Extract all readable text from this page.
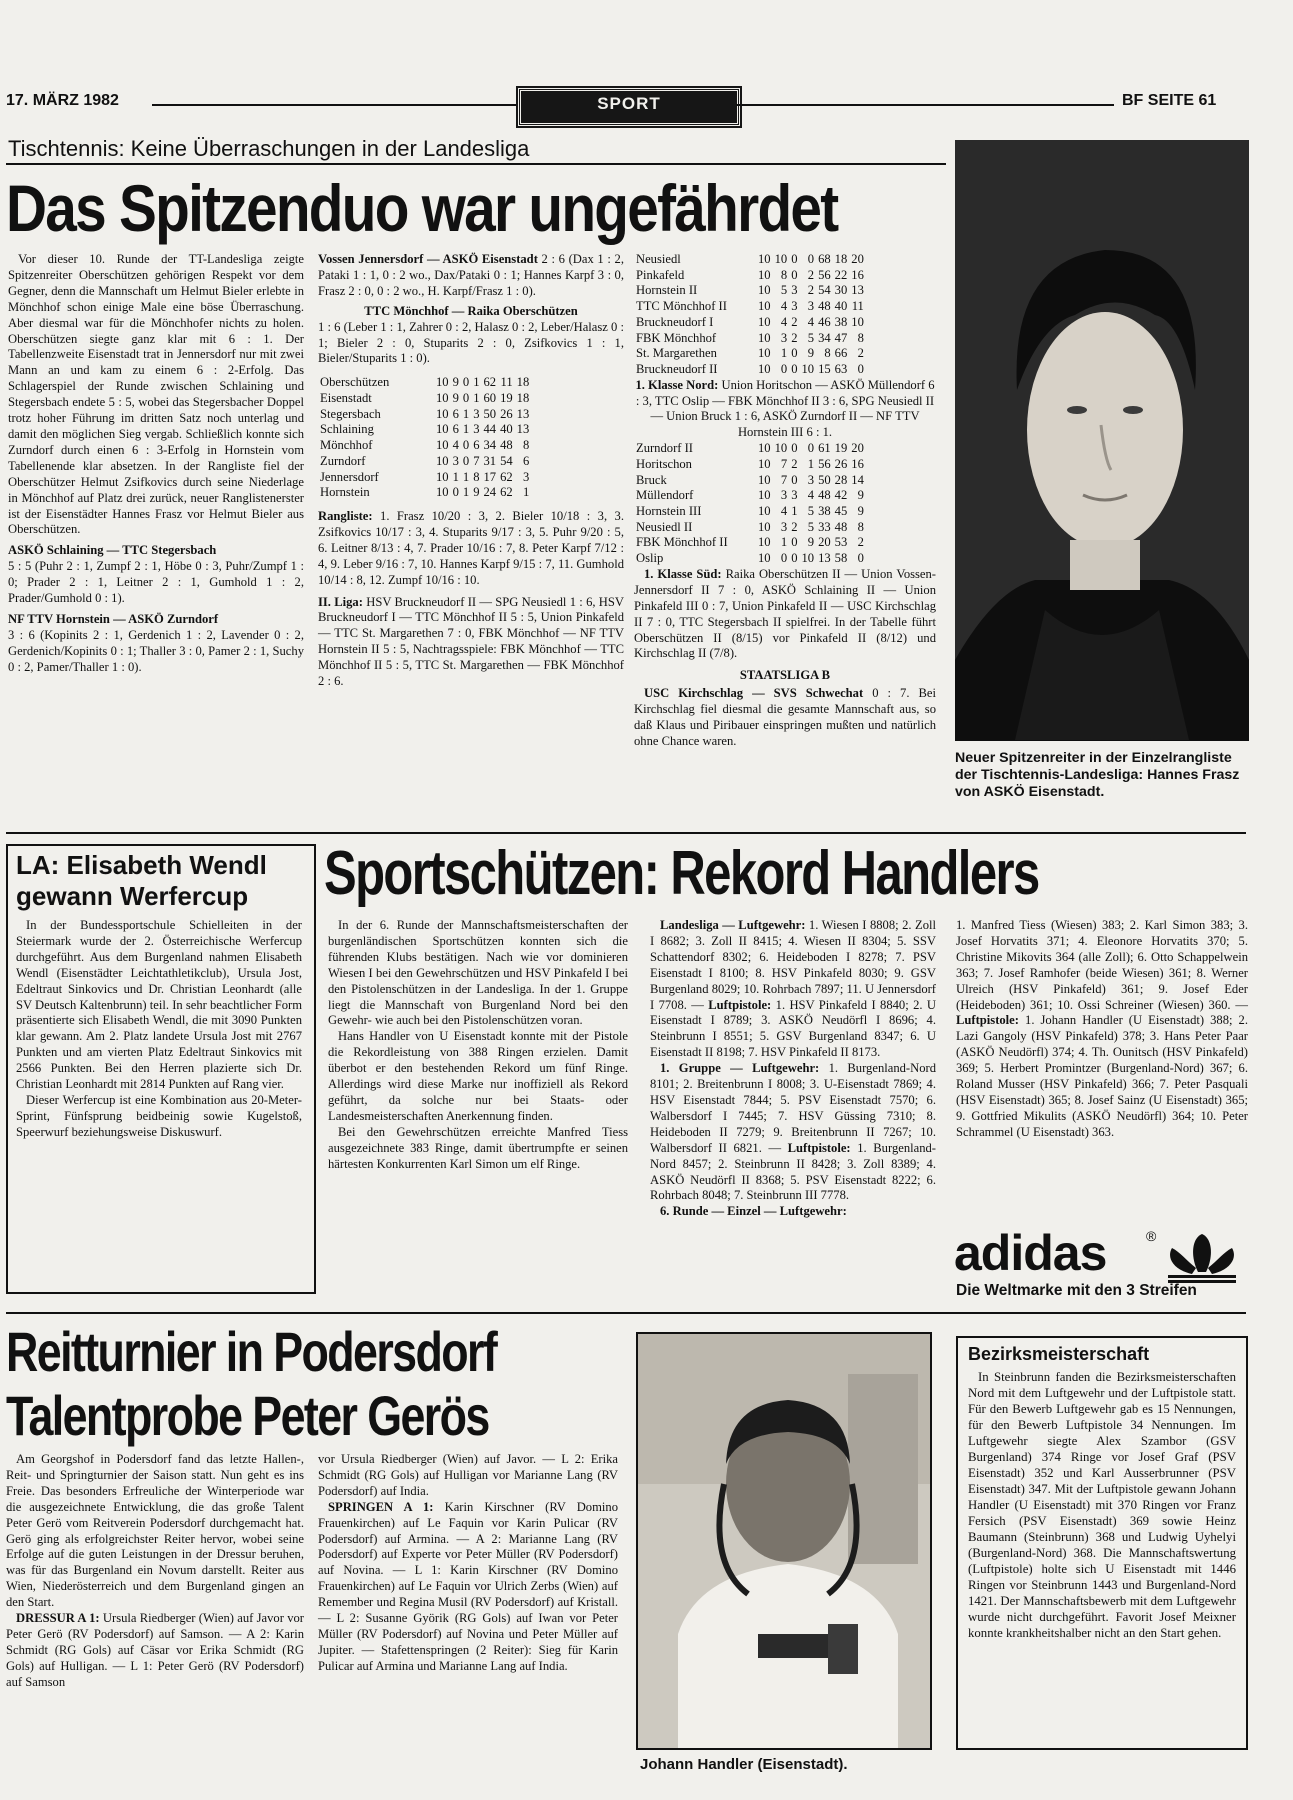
17. MÄRZ 1982	SPORT	BF SEITE 61
Tischtennis: Keine Überraschungen in der Landesliga
Das Spitzenduo war ungefährdet

Vor dieser 10. Runde der TT-Landesliga zeigte Spitzenreiter Oberschützen gehörigen Respekt vor dem Gegner, denn die Mannschaft um Helmut Bieler erlebte in Mönchhof schon einige Male eine böse Überraschung. Aber diesmal war für die Mönchhofer nichts zu holen. Oberschützen siegte ganz klar mit 6 : 1. Der Tabellenzweite Eisenstadt trat in Jennersdorf nur mit zwei Mann an und kam zu einem 6 : 2-Erfolg. Das Schlagerspiel der Runde zwischen Schlaining und Stegersbach endete 5 : 5, wobei das Stegersbacher Doppel trotz hoher Führung im dritten Satz noch unterlag und damit den möglichen Sieg vergab. Schließlich konnte sich Zurndorf durch einen 6 : 3-Erfolg in Hornstein vom Tabellenende klar absetzen. In der Rangliste fiel der Oberschützer Helmut Zsifkovics durch seine Niederlage in Mönchhof auf Platz drei zurück, neuer Ranglistenerster ist der Eisenstädter Hannes Frasz vor Helmut Bieler aus Oberschützen.

ASKÖ Schlaining — TTC Stegersbach

5 : 5 (Puhr 2 : 1, Zumpf 2 : 1, Höbe 0 : 3, Puhr/Zumpf 1 : 0; Prader 2 : 1, Leitner 2 : 1, Gumhold 1 : 2, Prader/Gumhold 0 : 1).

NF TTV Hornstein — ASKÖ Zurndorf

3 : 6 (Kopinits 2 : 1, Gerdenich 1 : 2, Lavender 0 : 2, Gerdenich/Kopinits 0 : 1; Thaller 3 : 0, Pamer 2 : 1, Suchy 0 : 2, Pamer/Thaller 1 : 0).

Vossen Jennersdorf — ASKÖ Eisenstadt 2 : 6 (Dax 1 : 2, Pataki 1 : 1, 0 : 2 wo., Dax/Pataki 0 : 1; Hannes Karpf 3 : 0, Frasz 2 : 0, 0 : 2 wo., H. Karpf/Frasz 1 : 0).

TTC Mönchhof — Raika Oberschützen

1 : 6 (Leber 1 : 1, Zahrer 0 : 2, Halasz 0 : 2, Leber/Halasz 0 : 1; Bieler 2 : 0, Stuparits 2 : 0, Zsifkovics 1 : 1, Bieler/Stuparits 1 : 0).

Oberschützen	10	9	0	1	62	11	18
Eisenstadt	10	9	0	1	60	19	18
Stegersbach	10	6	1	3	50	26	13
Schlaining	10	6	1	3	44	40	13
Mönchhof	10	4	0	6	34	48	8
Zurndorf	10	3	0	7	31	54	6
Jennersdorf	10	1	1	8	17	62	3
Hornstein	10	0	1	9	24	62	1

Rangliste: 1. Frasz 10/20 : 3, 2. Bieler 10/18 : 3, 3. Zsifkovics 10/17 : 3, 4. Stuparits 9/17 : 3, 5. Puhr 9/20 : 5, 6. Leitner 8/13 : 4, 7. Prader 10/16 : 7, 8. Peter Karpf 7/12 : 4, 9. Leber 9/16 : 7, 10. Hannes Karpf 9/15 : 7, 11. Gumhold 10/14 : 8, 12. Zumpf 10/16 : 10.

II. Liga: HSV Bruckneudorf II — SPG Neusiedl 1 : 6, HSV Bruckneudorf I — TTC Mönchhof II 5 : 5, Union Pinkafeld — TTC St. Margarethen 7 : 0, FBK Mönchhof — NF TTV Hornstein II 5 : 5, Nachtragsspiele: FBK Mönchhof — TTC Mönchhof II 5 : 5, TTC St. Margarethen — FBK Mönchhof 2 : 6.

Neusiedl	10	10	0	0	68	18	20
Pinkafeld	10	8	0	2	56	22	16
Hornstein II	10	5	3	2	54	30	13
TTC Mönchhof II	10	4	3	3	48	40	11
Bruckneudorf I	10	4	2	4	46	38	10
FBK Mönchhof	10	3	2	5	34	47	8
St. Margarethen	10	1	0	9	8	66	2
Bruckneudorf II	10	0	0	10	15	63	0

1. Klasse Nord: Union Horitschon — ASKÖ Müllendorf 6 : 3, TTC Oslip — FBK Mönchhof II 3 : 6, SPG Neusiedl II — Union Bruck 1 : 6, ASKÖ Zurndorf II — NF TTV Hornstein III 6 : 1.

Zurndorf II	10	10	0	0	61	19	20
Horitschon	10	7	2	1	56	26	16
Bruck	10	7	0	3	50	28	14
Müllendorf	10	3	3	4	48	42	9
Hornstein III	10	4	1	5	38	45	9
Neusiedl II	10	3	2	5	33	48	8
FBK Mönchhof II	10	1	0	9	20	53	2
Oslip	10	0	0	10	13	58	0

1. Klasse Süd: Raika Oberschützen II — Union Vossen-Jennersdorf II 7 : 0, ASKÖ Schlaining II — Union Pinkafeld III 0 : 7, Union Pinkafeld II — USC Kirchschlag II 7 : 0, TTC Stegersbach II spielfrei. In der Tabelle führt Oberschützen II (8/15) vor Pinkafeld II (8/12) und Kirchschlag II (7/8).

STAATSLIGA B

USC Kirchschlag — SVS Schwechat 0 : 7. Bei Kirchschlag fiel diesmal die gesamte Mannschaft aus, so daß Klaus und Piribauer einspringen mußten und natürlich ohne Chance waren.

Neuer Spitzenreiter in der Einzelrangliste der Tischtennis-Landesliga: Hannes Frasz von ASKÖ Eisenstadt.
LA: Elisabeth Wendl
gewann Werfercup

In der Bundessportschule Schielleiten in der Steiermark wurde der 2. Österreichische Werfercup durchgeführt. Aus dem Burgenland nahmen Elisabeth Wendl (Eisenstädter Leichtathletikclub), Ursula Jost, Edeltraut Sinkovics und Dr. Christian Leonhardt (alle SV Deutsch Kaltenbrunn) teil. In sehr beachtlicher Form präsentierte sich Elisabeth Wendl, die mit 3090 Punkten klar gewann. Am 2. Platz landete Ursula Jost mit 2767 Punkten und am vierten Platz Edeltraut Sinkovics mit 2566 Punkten. Bei den Herren plazierte sich Dr. Christian Leonhardt mit 2814 Punkten auf Rang vier.

Dieser Werfercup ist eine Kombination aus 20-Meter-Sprint, Fünfsprung beidbeinig sowie Kugelstoß, Speerwurf beziehungsweise Diskuswurf.

Sportschützen: Rekord Handlers

In der 6. Runde der Mannschaftsmeisterschaften der burgenländischen Sportschützen konnten sich die führenden Klubs bestätigen. Nach wie vor dominieren Wiesen I bei den Gewehrschützen und HSV Pinkafeld I bei den Pistolenschützen in der Landesliga. In der 1. Gruppe liegt die Mannschaft von Burgenland Nord bei den Gewehr- wie auch bei den Pistolenschützen voran.

Hans Handler von U Eisenstadt konnte mit der Pistole die Rekordleistung von 388 Ringen erzielen. Damit überbot er den bestehenden Rekord um fünf Ringe. Allerdings wird diese Marke nur inoffiziell als Rekord geführt, da solche nur bei Staats- oder Landesmeisterschaften Anerkennung finden.

Bei den Gewehrschützen erreichte Manfred Tiess ausgezeichnete 383 Ringe, damit übertrumpfte er seinen härtesten Konkurrenten Karl Simon um elf Ringe.

Landesliga — Luftgewehr: 1. Wiesen I 8808; 2. Zoll I 8682; 3. Zoll II 8415; 4. Wiesen II 8304; 5. SSV Schattendorf 8302; 6. Heideboden I 8278; 7. PSV Eisenstadt I 8100; 8. HSV Pinkafeld 8030; 9. GSV Burgenland 8029; 10. Rohrbach 7897; 11. U Jennersdorf I 7708. — Luftpistole: 1. HSV Pinkafeld I 8840; 2. U Eisenstadt I 8789; 3. ASKÖ Neudörfl I 8696; 4. Steinbrunn I 8551; 5. GSV Burgenland 8347; 6. U Eisenstadt II 8198; 7. HSV Pinkafeld II 8173.

1. Gruppe — Luftgewehr: 1. Burgenland-Nord 8101; 2. Breitenbrunn I 8008; 3. U-Eisenstadt 7869; 4. HSV Eisenstadt 7844; 5. PSV Eisenstadt 7570; 6. Walbersdorf I 7445; 7. HSV Güssing 7310; 8. Heideboden II 7279; 9. Breitenbrunn II 7267; 10. Walbersdorf II 6821. — Luftpistole: 1. Burgenland-Nord 8457; 2. Steinbrunn II 8428; 3. Zoll 8389; 4. ASKÖ Neudörfl II 8368; 5. PSV Eisenstadt 8222; 6. Rohrbach 8048; 7. Steinbrunn III 7778.

6. Runde — Einzel — Luftgewehr:

1. Manfred Tiess (Wiesen) 383; 2. Karl Simon 383; 3. Josef Horvatits 371; 4. Eleonore Horvatits 370; 5. Christine Mikovits 364 (alle Zoll); 6. Otto Schappelwein 363; 7. Josef Ramhofer (beide Wiesen) 361; 8. Werner Ulreich (HSV Pinkafeld) 361; 9. Josef Eder (Heideboden) 361; 10. Ossi Schreiner (Wiesen) 360. — Luftpistole: 1. Johann Handler (U Eisenstadt) 388; 2. Lazi Gangoly (HSV Pinkafeld) 378; 3. Hans Peter Paar (ASKÖ Neudörfl) 374; 4. Th. Ounitsch (HSV Pinkafeld) 369; 5. Herbert Promintzer (Burgenland-Nord) 367; 6. Roland Musser (HSV Pinkafeld) 366; 7. Peter Pasquali (HSV Eisenstadt) 365; 8. Josef Sainz (U Eisenstadt) 365; 9. Gottfried Mikulits (ASKÖ Neudörfl) 364; 10. Peter Schrammel (U Eisenstadt) 363.

adidas	®
Die Weltmarke mit den 3 Streifen
Reitturnier in Podersdorf
Talentprobe Peter Gerös

Am Georgshof in Podersdorf fand das letzte Hallen-, Reit- und Springturnier der Saison statt. Nun geht es ins Freie. Das besonders Erfreuliche der Winterperiode war die ausgezeichnete Entwicklung, die das große Talent Peter Gerö vom Reitverein Podersdorf durchgemacht hat. Gerö ging als erfolgreichster Reiter hervor, wobei seine Erfolge auf die guten Leistungen in der Dressur beruhen, was für das Burgenland ein Novum darstellt. Reiter aus Wien, Niederösterreich und dem Burgenland gingen an den Start.

DRESSUR A 1: Ursula Riedberger (Wien) auf Javor vor Peter Gerö (RV Podersdorf) auf Samson. — A 2: Karin Schmidt (RG Gols) auf Cäsar vor Erika Schmidt (RG Gols) auf Hulligan. — L 1: Peter Gerö (RV Podersdorf) auf Samson

vor Ursula Riedberger (Wien) auf Javor. — L 2: Erika Schmidt (RG Gols) auf Hulligan vor Marianne Lang (RV Podersdorf) auf India.

SPRINGEN A 1: Karin Kirschner (RV Domino Frauenkirchen) auf Le Faquin vor Karin Pulicar (RV Podersdorf) auf Armina. — A 2: Marianne Lang (RV Podersdorf) auf Experte vor Peter Müller (RV Podersdorf) auf Novina. — L 1: Karin Kirschner (RV Domino Frauenkirchen) auf Le Faquin vor Ulrich Zerbs (Wien) auf Remember und Regina Musil (RV Podersdorf) auf Kristall. — L 2: Susanne Györik (RG Gols) auf Iwan vor Peter Müller (RV Podersdorf) auf Novina und Peter Müller auf Jupiter. — Stafettenspringen (2 Reiter): Sieg für Karin Pulicar auf Armina und Marianne Lang auf India.

Johann Handler (Eisenstadt).
Bezirksmeisterschaft

In Steinbrunn fanden die Bezirksmeisterschaften Nord mit dem Luftgewehr und der Luftpistole statt. Für den Bewerb Luftgewehr gab es 15 Nennungen, für den Bewerb Luftpistole 34 Nennungen. Im Luftgewehr siegte Alex Szambor (GSV Burgenland) 374 Ringe vor Josef Graf (PSV Eisenstadt) 352 und Karl Ausserbrunner (PSV Eisenstadt) 347. Mit der Luftpistole gewann Johann Handler (U Eisenstadt) mit 370 Ringen vor Franz Fersich (PSV Eisenstadt) 369 sowie Heinz Baumann (Steinbrunn) 368 und Ludwig Uyhelyi (Burgenland-Nord) 368. Die Mannschaftswertung (Luftpistole) holte sich U Eisenstadt mit 1446 Ringen vor Steinbrunn 1443 und Burgenland-Nord 1421. Der Mannschaftsbewerb mit dem Luftgewehr wurde nicht durchgeführt. Favorit Josef Meixner konnte krankheitshalber nicht an den Start gehen.
